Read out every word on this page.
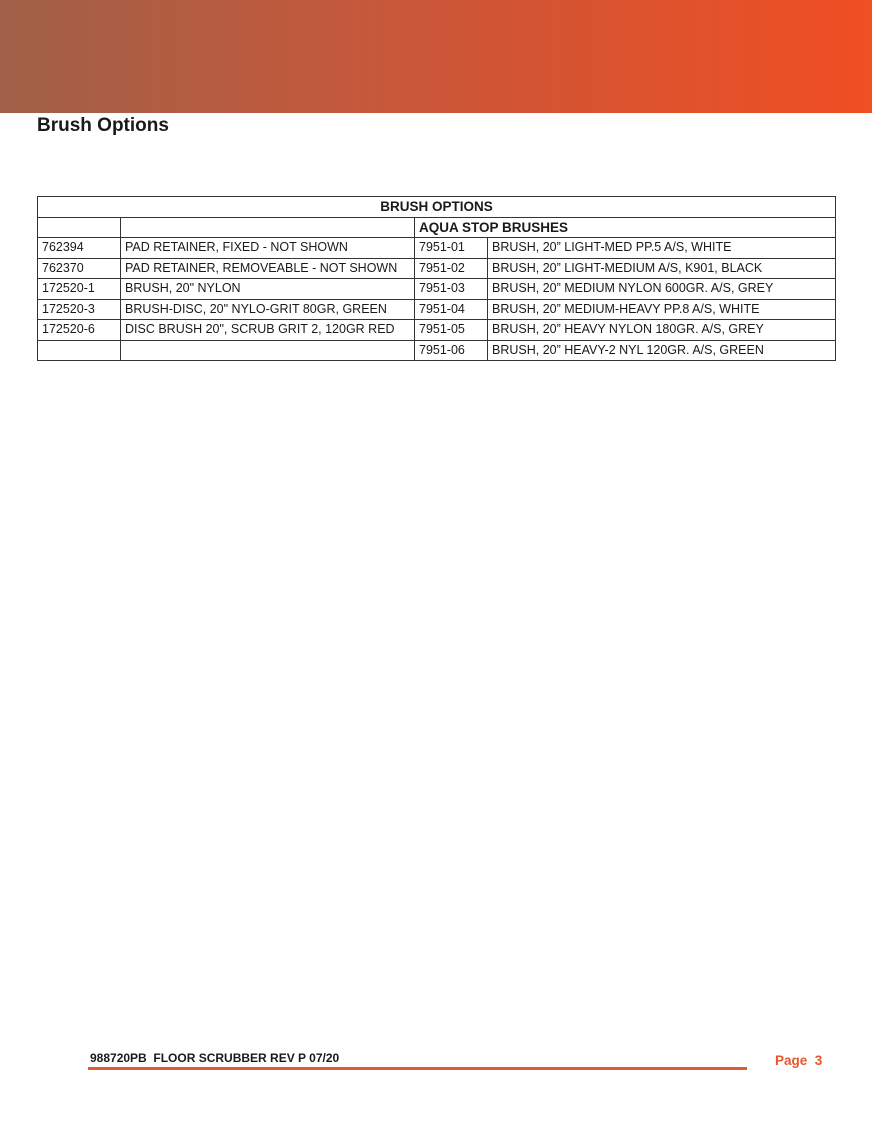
Brush Options
BRUSH OPTIONS			
		AQUA STOP BRUSHES	
762394	PAD RETAINER, FIXED - NOT SHOWN	7951-01	BRUSH, 20” LIGHT-MED PP.5 A/S, WHITE
762370	PAD RETAINER, REMOVEABLE - NOT SHOWN	7951-02	BRUSH, 20” LIGHT-MEDIUM A/S, K901, BLACK
172520-1	BRUSH, 20" NYLON	7951-03	BRUSH, 20” MEDIUM NYLON 600GR. A/S, GREY
172520-3	BRUSH-DISC, 20" NYLO-GRIT 80GR, GREEN	7951-04	BRUSH, 20” MEDIUM-HEAVY PP.8 A/S, WHITE
172520-6	DISC BRUSH 20", SCRUB GRIT 2, 120GR RED	7951-05	BRUSH, 20” HEAVY NYLON 180GR. A/S, GREY
		7951-06	BRUSH, 20” HEAVY-2 NYL 120GR. A/S, GREEN
988720PB  FLOOR SCRUBBER REV P 07/20	Page  3
